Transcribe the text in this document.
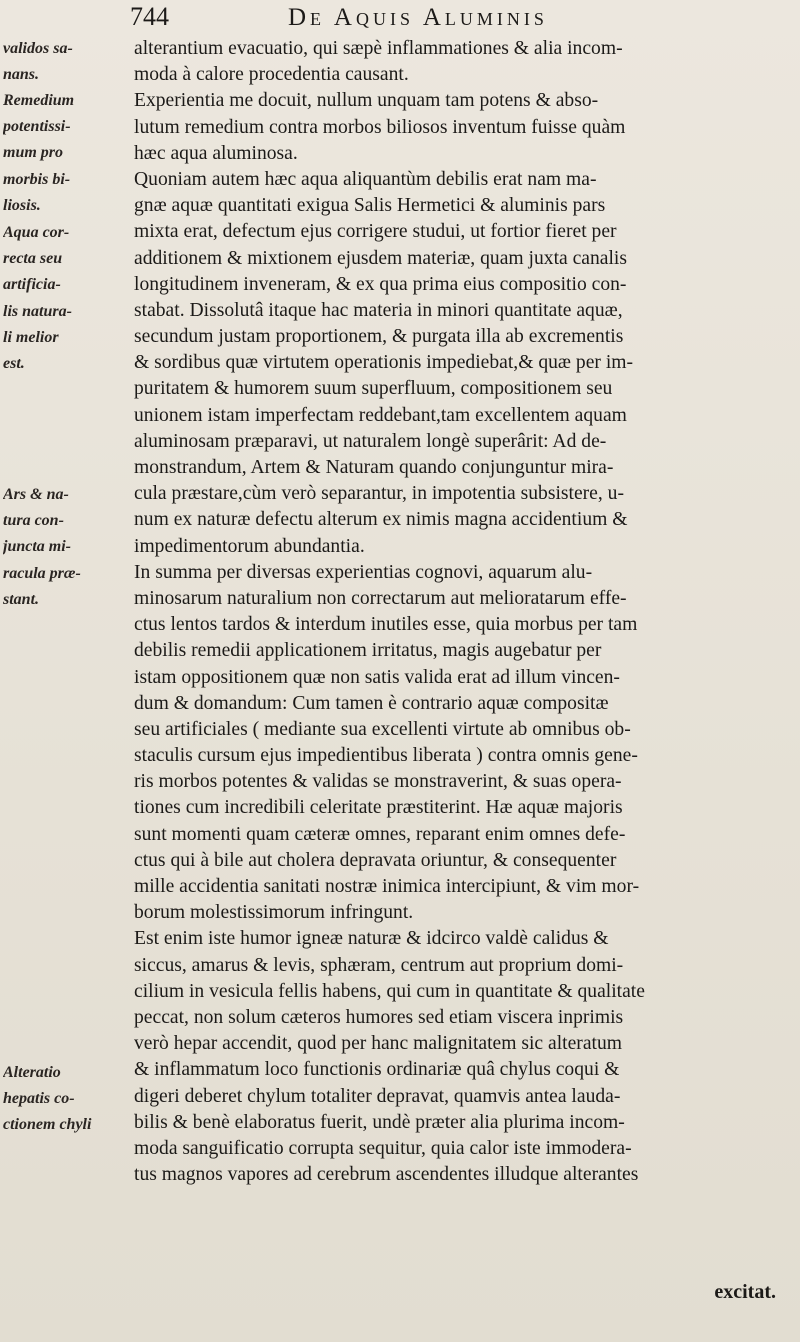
744	De Aquis Aluminis
alterantium evacuatio, qui sæpè inflammationes & alia incom-
moda à calore procedentia causant.
Experientia me docuit, nullum unquam tam potens & abso-
lutum remedium contra morbos biliosos inventum fuisse quàm
hæc aqua aluminosa.
Quoniam autem hæc aqua aliquantùm debilis erat nam ma-
gnæ aquæ quantitati exigua Salis Hermetici & aluminis pars
mixta erat, defectum ejus corrigere studui, ut fortior fieret per
additionem & mixtionem ejusdem materiæ, quam juxta canalis
longitudinem inveneram, & ex qua prima eius compositio con-
stabat. Dissolutâ itaque hac materia in minori quantitate aquæ,
secundum justam proportionem, & purgata illa ab excrementis
& sordibus quæ virtutem operationis impediebat,& quæ per im-
puritatem & humorem suum superfluum, compositionem seu
unionem istam imperfectam reddebant,tam excellentem aquam
aluminosam præparavi, ut naturalem longè superârit: Ad de-
monstrandum, Artem & Naturam quando conjunguntur mira-
cula præstare,cùm verò separantur, in impotentia subsistere, u-
num ex naturæ defectu alterum ex nimis magna accidentium &
impedimentorum abundantia.
In summa per diversas experientias cognovi, aquarum alu-
minosarum naturalium non correctarum aut melioratarum effe-
ctus lentos tardos & interdum inutiles esse, quia morbus per tam
debilis remedii applicationem irritatus, magis augebatur per
istam oppositionem quæ non satis valida erat ad illum vincen-
dum & domandum: Cum tamen è contrario aquæ compositæ
seu artificiales ( mediante sua excellenti virtute ab omnibus ob-
staculis cursum ejus impedientibus liberata ) contra omnis gene-
ris morbos potentes & validas se monstraverint, & suas opera-
tiones cum incredibili celeritate præstiterint. Hæ aquæ majoris
sunt momenti quam cæteræ omnes, reparant enim omnes defe-
ctus qui à bile aut cholera depravata oriuntur, & consequenter
mille accidentia sanitati nostræ inimica intercipiunt, & vim mor-
borum molestissimorum infringunt.
Est enim iste humor igneæ naturæ & idcirco valdè calidus &
siccus, amarus & levis, sphæram, centrum aut proprium domi-
cilium in vesicula fellis habens, qui cum in quantitate & qualitate
peccat, non solum cæteros humores sed etiam viscera inprimis
verò hepar accendit, quod per hanc malignitatem sic alteratum
& inflammatum loco functionis ordinariæ quâ chylus coqui &
digeri deberet chylum totaliter depravat, quamvis antea lauda-
bilis & benè elaboratus fuerit, undè præter alia plurima incom-
moda sanguificatio corrupta sequitur, quia calor iste immodera-
tus magnos vapores ad cerebrum ascendentes illudque alterantes
validos sa-
nans.
Remedium
potentissi-
mum pro
morbis bi-
liosis.
Aqua cor-
recta seu
artificia-
lis natura-
li melior
est.
Ars & na-
tura con-
juncta mi-
racula præ-
stant.
Alteratio
hepatis co-
ctionem chyli
excitat.
